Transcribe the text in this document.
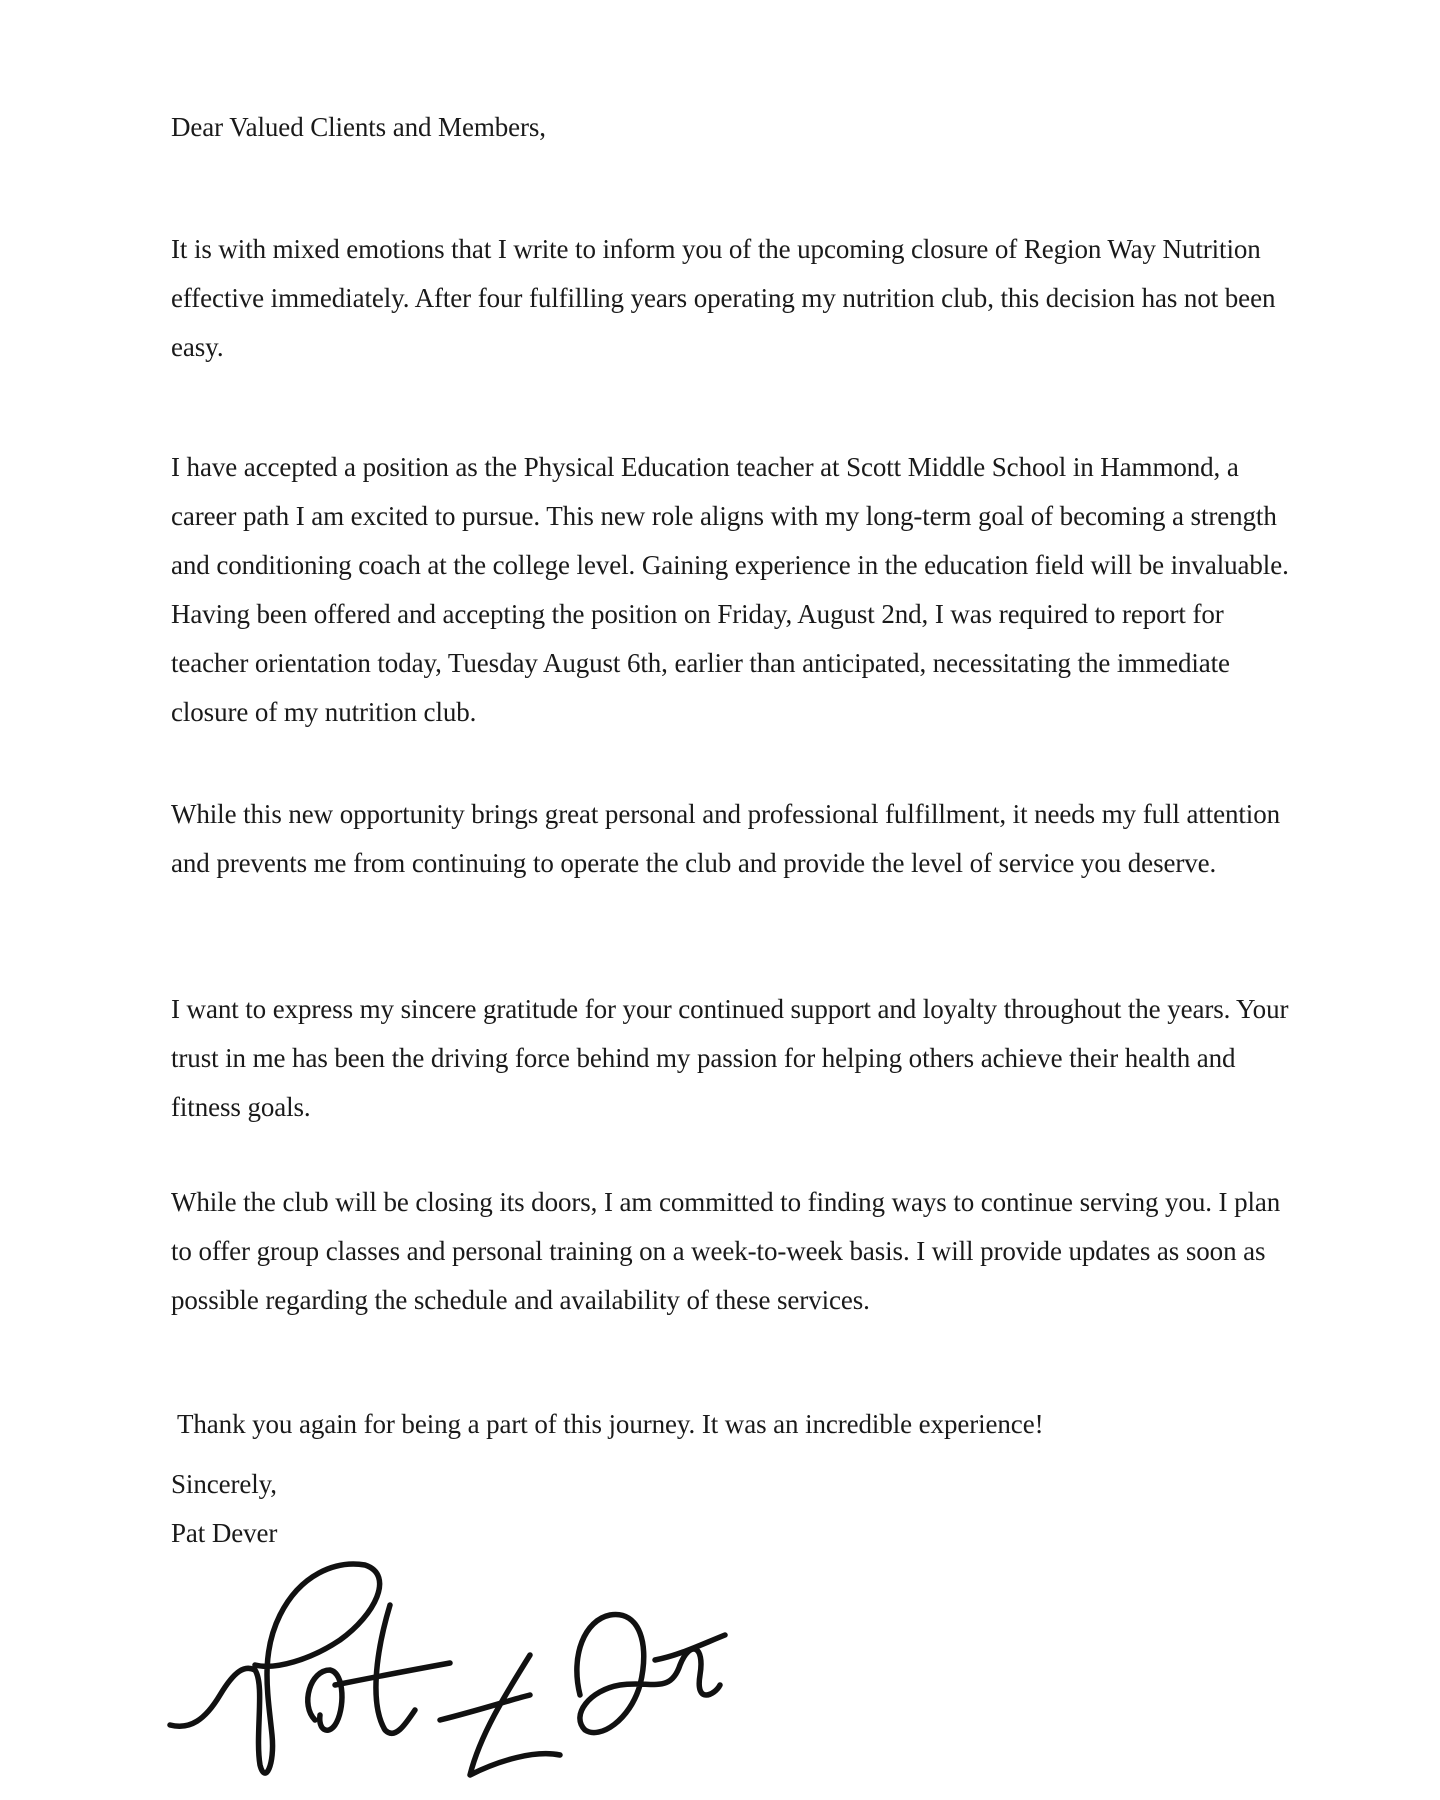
Dear Valued Clients and Members,
It is with mixed emotions that I write to inform you of the upcoming closure of Region Way Nutrition effective immediately. After four fulfilling years operating my nutrition club, this decision has not been easy.
I have accepted a position as the Physical Education teacher at Scott Middle School in Hammond, a career path I am excited to pursue. This new role aligns with my long-term goal of becoming a strength and conditioning coach at the college level. Gaining experience in the education field will be invaluable. Having been offered and accepting the position on Friday, August 2nd, I was required to report for teacher orientation today, Tuesday August 6th, earlier than anticipated, necessitating the immediate closure of my nutrition club.
While this new opportunity brings great personal and professional fulfillment, it needs my full attention and prevents me from continuing to operate the club and provide the level of service you deserve.
I want to express my sincere gratitude for your continued support and loyalty throughout the years. Your trust in me has been the driving force behind my passion for helping others achieve their health and fitness goals.
While the club will be closing its doors, I am committed to finding ways to continue serving you. I plan to offer group classes and personal training on a week-to-week basis. I will provide updates as soon as possible regarding the schedule and availability of these services.
Thank you again for being a part of this journey. It was an incredible experience!
Sincerely,
Pat Dever
